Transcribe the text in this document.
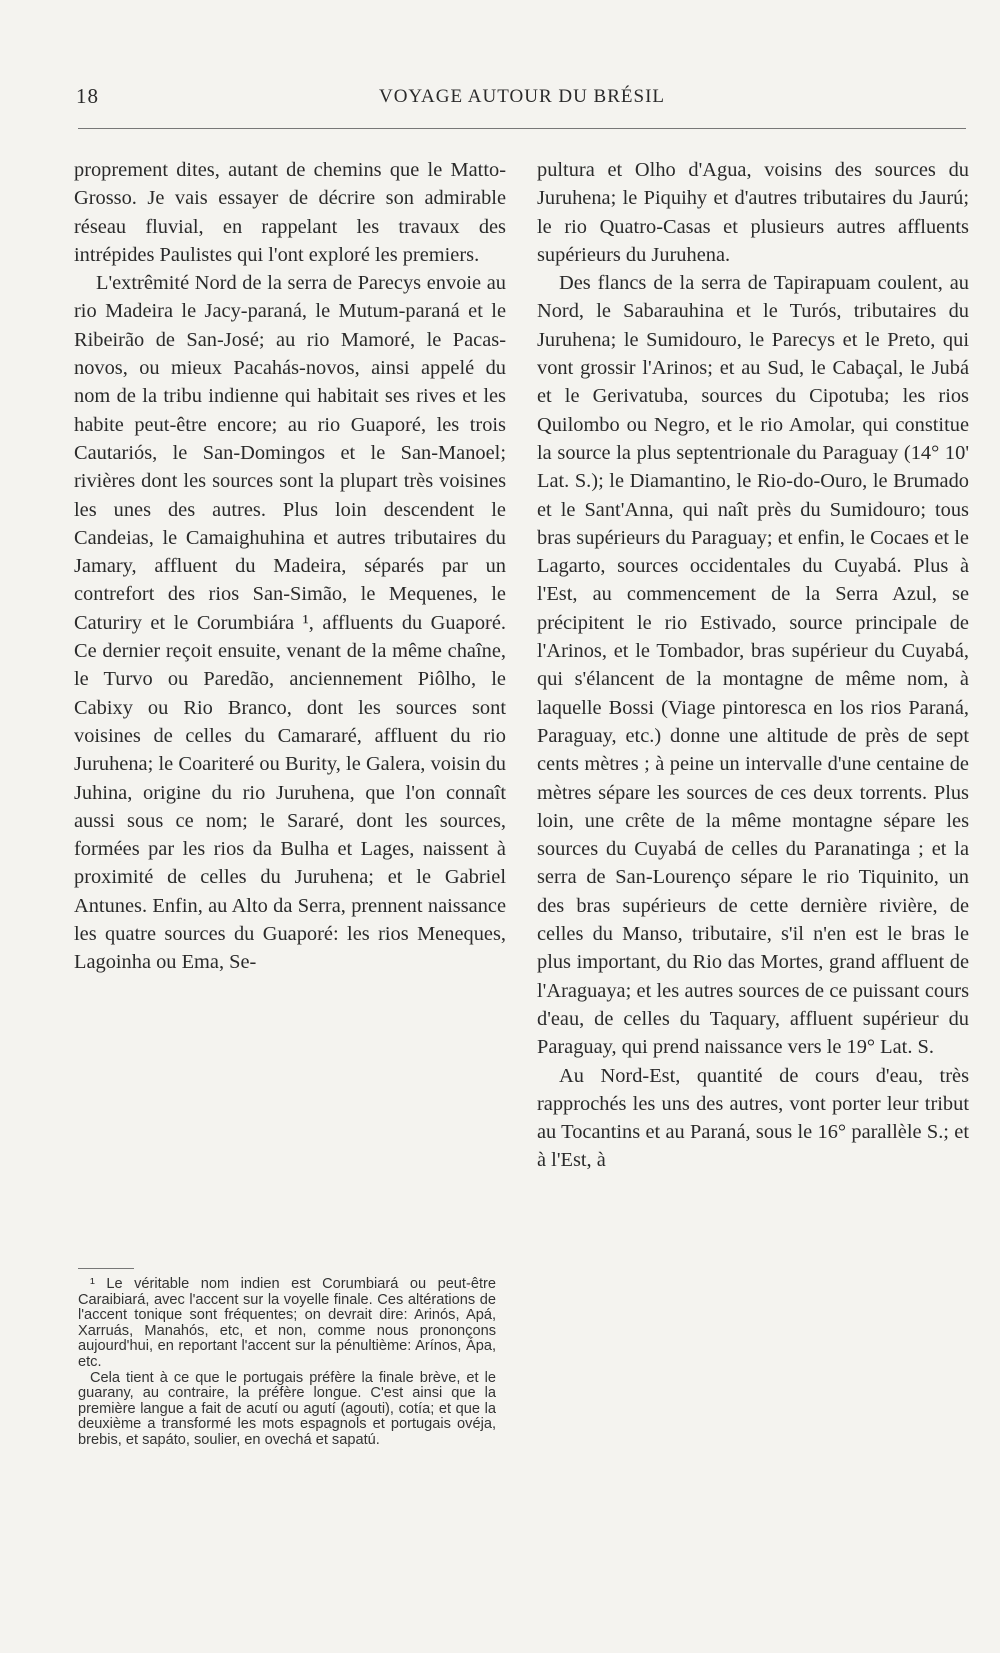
18	VOYAGE AUTOUR DU BRÉSIL

proprement dites, autant de chemins que le Matto-Grosso. Je vais essayer de décrire son admirable réseau fluvial, en rappelant les travaux des intrépides Paulistes qui l'ont exploré les premiers.

L'extrêmité Nord de la serra de Parecys envoie au rio Madeira le Jacy-paraná, le Mutum-paraná et le Ribeirão de San-José; au rio Mamoré, le Pacas-novos, ou mieux Pacahás-novos, ainsi appelé du nom de la tribu indienne qui habitait ses rives et les habite peut-être encore; au rio Guaporé, les trois Cautariós, le San-Domingos et le San-Manoel; rivières dont les sources sont la plupart très voisines les unes des autres. Plus loin descendent le Candeias, le Camaighuhina et autres tributaires du Jamary, affluent du Madeira, séparés par un contrefort des rios San-Simão, le Mequenes, le Caturiry et le Corumbiára ¹, affluents du Guaporé. Ce dernier reçoit ensuite, venant de la même chaîne, le Turvo ou Paredão, anciennement Piôlho, le Cabixy ou Rio Branco, dont les sources sont voisines de celles du Camararé, affluent du rio Juruhena; le Coariteré ou Burity, le Galera, voisin du Juhina, origine du rio Juruhena, que l'on connaît aussi sous ce nom; le Sararé, dont les sources, formées par les rios da Bulha et Lages, naissent à proximité de celles du Juruhena; et le Gabriel Antunes. Enfin, au Alto da Serra, prennent naissance les quatre sources du Guaporé: les rios Meneques, Lagoinha ou Ema, Se-

pultura et Olho d'Agua, voisins des sources du Juruhena; le Piquihy et d'autres tributaires du Jaurú; le rio Quatro-Casas et plusieurs autres affluents supérieurs du Juruhena.

Des flancs de la serra de Tapirapuam coulent, au Nord, le Sabarauhina et le Turós, tributaires du Juruhena; le Sumidouro, le Parecys et le Preto, qui vont grossir l'Arinos; et au Sud, le Cabaçal, le Jubá et le Gerivatuba, sources du Cipotuba; les rios Quilombo ou Negro, et le rio Amolar, qui constitue la source la plus septentrionale du Paraguay (14° 10' Lat. S.); le Diamantino, le Rio-do-Ouro, le Brumado et le Sant'Anna, qui naît près du Sumidouro; tous bras supérieurs du Paraguay; et enfin, le Cocaes et le Lagarto, sources occidentales du Cuyabá. Plus à l'Est, au commencement de la Serra Azul, se précipitent le rio Estivado, source principale de l'Arinos, et le Tombador, bras supérieur du Cuyabá, qui s'élancent de la montagne de même nom, à laquelle Bossi (Viage pintoresca en los rios Paraná, Paraguay, etc.) donne une altitude de près de sept cents mètres ; à peine un intervalle d'une centaine de mètres sépare les sources de ces deux torrents. Plus loin, une crête de la même montagne sépare les sources du Cuyabá de celles du Paranatinga ; et la serra de San-Lourenço sépare le rio Tiquinito, un des bras supérieurs de cette dernière rivière, de celles du Manso, tributaire, s'il n'en est le bras le plus important, du Rio das Mortes, grand affluent de l'Araguaya; et les autres sources de ce puissant cours d'eau, de celles du Taquary, affluent supérieur du Paraguay, qui prend naissance vers le 19° Lat. S.

Au Nord-Est, quantité de cours d'eau, très rapprochés les uns des autres, vont porter leur tribut au Tocantins et au Paraná, sous le 16° parallèle S.; et à l'Est, à

¹ Le véritable nom indien est Corumbiará ou peut-être Caraibiará, avec l'accent sur la voyelle finale. Ces altérations de l'accent tonique sont fréquentes; on devrait dire: Arinós, Apá, Xarruás, Manahós, etc, et non, comme nous prononçons aujourd'hui, en reportant l'accent sur la pénultième: Arínos, Ápa, etc.

Cela tient à ce que le portugais préfère la finale brève, et le guarany, au contraire, la préfère longue. C'est ainsi que la première langue a fait de acutí ou agutí (agouti), cotía; et que la deuxième a transformé les mots espagnols et portugais ovéja, brebis, et sapáto, soulier, en ovechá et sapatú.
